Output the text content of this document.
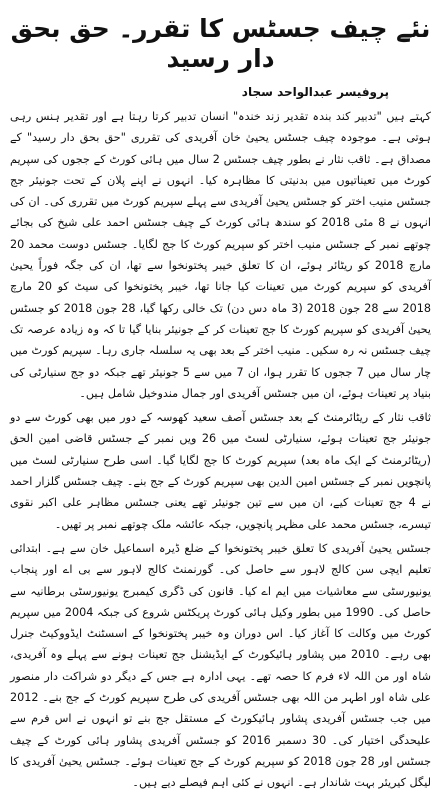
نئے چیف جسٹس کا تقرر۔ حق بحق دار رسید
پروفیسر عبدالواحد سجاد

کہتے ہیں "تدبیر کند بندہ تقدیر زند خندہ" انسان تدبیر کرتا رہتا ہے اور تقدیر ہنس رہی ہوتی ہے۔ موجودہ چیف جسٹس یحییٰ خان آفریدی کی تقرری "حق بحق دار رسید" کے مصداق ہے۔ ثاقب نثار نے بطور چیف جسٹس 2 سال میں ہائی کورٹ کے ججوں کی سپریم کورٹ میں تعیناتیوں میں بدنیتی کا مظاہرہ کیا۔ انہوں نے اپنے پلان کے تحت جونیئر جج جسٹس منیب اختر کو جسٹس یحییٰ آفریدی سے پہلے سپریم کورٹ میں تقرری کی۔ ان کی انہوں نے 8 مئی 2018 کو سندھ ہائی کورٹ کے چیف جسٹس احمد علی شیخ کی بجائے چوتھے نمبر کے جسٹس منیب اختر کو سپریم کورٹ کا جج لگایا۔ جسٹس دوست محمد 20 مارچ 2018 کو ریٹائر ہوئے، ان کا تعلق خیبر پختونخوا سے تھا، ان کی جگہ فوراً یحییٰ آفریدی کو سپریم کورٹ میں تعینات کیا جانا تھا، خیبر پختونخوا کی سیٹ کو 20 مارچ 2018 سے 28 جون 2018 (3 ماہ دس دن) تک خالی رکھا گیا، 28 جون 2018 کو جسٹس یحییٰ آفریدی کو سپریم کورٹ کا جج تعینات کر کے جونیئر بنایا گیا تا کہ وہ زیادہ عرصہ تک چیف جسٹس نہ رہ سکیں۔ منیب اختر کے بعد بھی یہ سلسلہ جاری رہا۔ سپریم کورٹ میں چار سال میں 7 ججوں کا تقرر ہوا، ان 7 میں سے 5 جونیئر تھے جبکہ دو جج سنیارٹی کی بنیاد پر تعینات ہوئے، ان میں جسٹس آفریدی اور جمال مندوخیل شامل ہیں۔

ثاقب نثار کے ریٹائرمنٹ کے بعد جسٹس آصف سعید کھوسہ کے دور میں بھی کورٹ سے دو جونیئر جج تعینات ہوئے، سنیارٹی لسٹ میں 26 ویں نمبر کے جسٹس قاضی امین الحق (ریٹائرمنٹ کے ایک ماہ بعد) سپریم کورٹ کا جج لگایا گیا۔ اسی طرح سنیارٹی لسٹ میں پانچویں نمبر کے جسٹس امین الدین بھی سپریم کورٹ کے جج بنے۔ چیف جسٹس گلزار احمد نے 4 جج تعینات کیے، ان میں سے تین جونیئر تھے یعنی جسٹس مظاہر علی اکبر نقوی تیسرے، جسٹس محمد علی مظہر پانچویں، جبکہ عائشہ ملک چوتھے نمبر پر تھیں۔

جسٹس یحییٰ آفریدی کا تعلق خیبر پختونخوا کے ضلع ڈیرہ اسماعیل خان سے ہے۔ ابتدائی تعلیم ایچی سن کالج لاہور سے حاصل کی۔ گورنمنٹ کالج لاہور سے بی اے اور پنجاب یونیورسٹی سے معاشیات میں ایم اے کیا۔ قانون کی ڈگری کیمبرج یونیورسٹی برطانیہ سے حاصل کی۔ 1990 میں بطور وکیل ہائی کورٹ پریکٹس شروع کی جبکہ 2004 میں سپریم کورٹ میں وکالت کا آغاز کیا۔ اس دوران وہ خیبر پختونخوا کے اسسٹنٹ ایڈووکیٹ جنرل بھی رہے۔ 2010 میں پشاور ہائیکورٹ کے ایڈیشنل جج تعینات ہونے سے پہلے وہ آفریدی، شاہ اور من اللہ لاء فرم کا حصہ تھے۔ یہی ادارہ ہے جس کے دیگر دو شراکت دار منصور علی شاہ اور اطہر من اللہ بھی جسٹس آفریدی کی طرح سپریم کورٹ کے جج بنے۔ 2012 میں جب جسٹس آفریدی پشاور ہائیکورٹ کے مستقل جج بنے تو انہوں نے اس فرم سے علیحدگی اختیار کی۔ 30 دسمبر 2016 کو جسٹس آفریدی پشاور ہائی کورٹ کے چیف جسٹس اور 28 جون 2018 کو سپریم کورٹ کے جج تعینات ہوئے۔ جسٹس یحییٰ آفریدی کا لیگل کیریئر بہت شاندار ہے۔ انہوں نے کئی اہم فیصلے دیے ہیں۔
